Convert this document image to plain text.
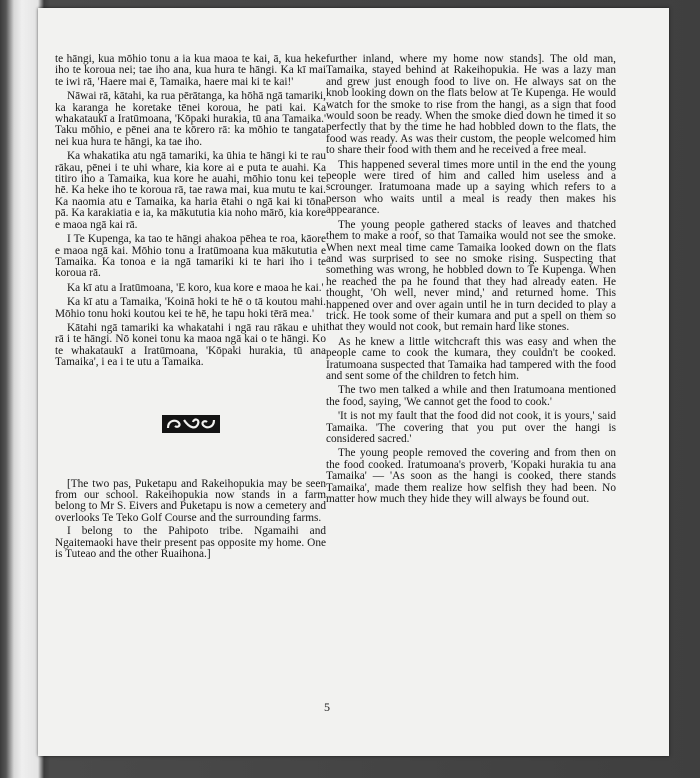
te hāngi, kua mōhio tonu a ia kua maoa te kai, ā, kua heke iho te koroua nei; tae iho ana, kua hura te hāngi. Ka kī mai te iwi rā, 'Haere mai ē, Tamaika, haere mai ki te kai!'

Nāwai rā, kātahi, ka rua pērātanga, ka hōhā ngā tamariki, ka karanga he koretake tēnei koroua, he pati kai. Ka whakataukī a Iratūmoana, 'Kōpaki hurakia, tū ana Tamaika.' Taku mōhio, e pēnei ana te kōrero rā: ka mōhio te tangata nei kua hura te hāngi, ka tae iho.

Ka whakatika atu ngā tamariki, ka ūhia te hāngi ki te rau rākau, pēnei i te uhi whare, kia kore ai e puta te auahi. Ka titiro iho a Tamaika, kua kore he auahi, mōhio tonu kei te hē. Ka heke iho te koroua rā, tae rawa mai, kua mutu te kai. Ka naomia atu e Tamaika, ka haria ētahi o ngā kai ki tōna pā. Ka karakiatia e ia, ka mākututia kia noho mārō, kia kore e maoa ngā kai rā.

I Te Kupenga, ka tao te hāngi ahakoa pēhea te roa, kāore e maoa ngā kai. Mōhio tonu a Iratūmoana kua mākututia e Tamaika. Ka tonoa e ia ngā tamariki ki te hari iho i te koroua rā.

Ka kī atu a Iratūmoana, 'E koro, kua kore e maoa he kai.'

Ka kī atu a Tamaika, 'Koinā hoki te hē o tā koutou mahi. Mōhio tonu hoki koutou kei te hē, he tapu hoki tērā mea.'

Kātahi ngā tamariki ka whakatahi i ngā rau rākau e uhi rā i te hāngi. Nō konei tonu ka maoa ngā kai o te hāngi. Ko te whakataukī a Iratūmoana, 'Kōpaki hurakia, tū ana Tamaika', i ea i te utu a Tamaika.

[The two pas, Puketapu and Rakeihopukia may be seen from our school. Rakeihopukia now stands in a farm belong to Mr S. Eivers and Puketapu is now a cemetery and overlooks Te Teko Golf Course and the surrounding farms.

I belong to the Pahipoto tribe. Ngamaihi and Ngaitemaoki have their present pas opposite my home. One is Tuteao and the other Ruaihona.]

further inland, where my home now stands]. The old man, Tamaika, stayed behind at Rakeihopukia. He was a lazy man and grew just enough food to live on. He always sat on the knob looking down on the flats below at Te Kupenga. He would watch for the smoke to rise from the hangi, as a sign that food would soon be ready. When the smoke died down he timed it so perfectly that by the time he had hobbled down to the flats, the food was ready. As was their custom, the people welcomed him to share their food with them and he received a free meal.

This happened several times more until in the end the young people were tired of him and called him useless and a scrounger. Iratumoana made up a saying which refers to a person who waits until a meal is ready then makes his appearance.

The young people gathered stacks of leaves and thatched them to make a roof, so that Tamaika would not see the smoke. When next meal time came Tamaika looked down on the flats and was surprised to see no smoke rising. Suspecting that something was wrong, he hobbled down to Te Kupenga. When he reached the pa he found that they had already eaten. He thought, 'Oh well, never mind,' and returned home. This happened over and over again until he in turn decided to play a trick. He took some of their kumara and put a spell on them so that they would not cook, but remain hard like stones.

As he knew a little witchcraft this was easy and when the people came to cook the kumara, they couldn't be cooked. Iratumoana suspected that Tamaika had tampered with the food and sent some of the children to fetch him.

The two men talked a while and then Iratumoana mentioned the food, saying, 'We cannot get the food to cook.'

'It is not my fault that the food did not cook, it is yours,' said Tamaika. 'The covering that you put over the hangi is considered sacred.'

The young people removed the covering and from then on the food cooked. Iratumoana's proverb, 'Kopaki hurakia tu ana Tamaika' — 'As soon as the hangi is cooked, there stands Tamaika', made them realize how selfish they had been. No matter how much they hide they will always be found out.

5
